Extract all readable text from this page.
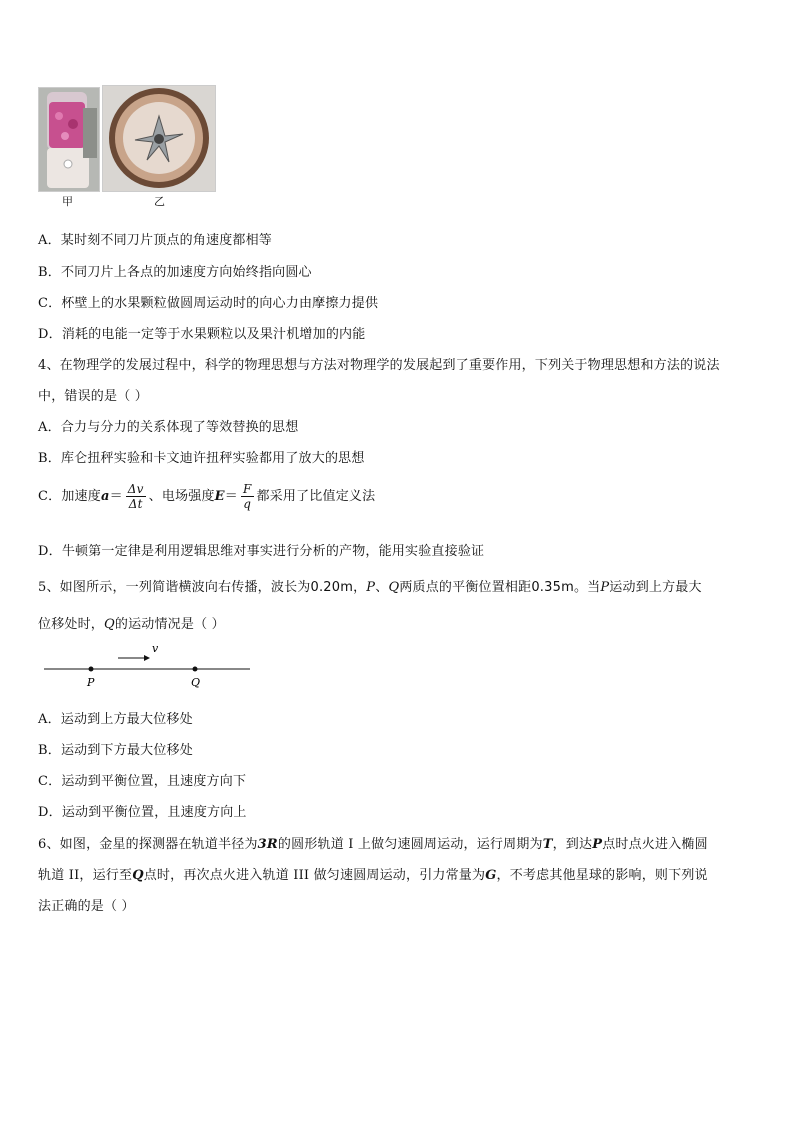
甲	乙
A．某时刻不同刀片顶点的角速度都相等
B．不同刀片上各点的加速度方向始终指向圆心
C．杯壁上的水果颗粒做圆周运动时的向心力由摩擦力提供
D．消耗的电能一定等于水果颗粒以及果汁机增加的内能
4、在物理学的发展过程中，科学的物理思想与方法对物理学的发展起到了重要作用，下列关于物理思想和方法的说法
中，错误的是（ ）
A．合力与分力的关系体现了等效替换的思想
B．库仑扭秤实验和卡文迪许扭秤实验都用了放大的思想
C．加速度$a= \frac{\Delta v}{\Delta t}$ 、电场强度$E= \frac{F}{q}$ 都采用了比值定义法
D．牛顿第一定律是利用逻辑思维对事实进行分析的产物，能用实验直接验证
5、如图所示，一列简谐横波向右传播，波长为0.20m，P、Q两质点的平衡位置相距0.35m。当P运动到上方最大
位移处时，Q的运动情况是（ ）
v
P	Q
A．运动到上方最大位移处
B．运动到下方最大位移处
C．运动到平衡位置，且速度方向下
D．运动到平衡位置，且速度方向上
6、如图，金星的探测器在轨道半径为3R的圆形轨道 I 上做匀速圆周运动，运行周期为T，到达P点时点火进入椭圆
轨道 II，运行至Q点时，再次点火进入轨道 III 做匀速圆周运动，引力常量为G，不考虑其他星球的影响，则下列说
法正确的是（ ）
